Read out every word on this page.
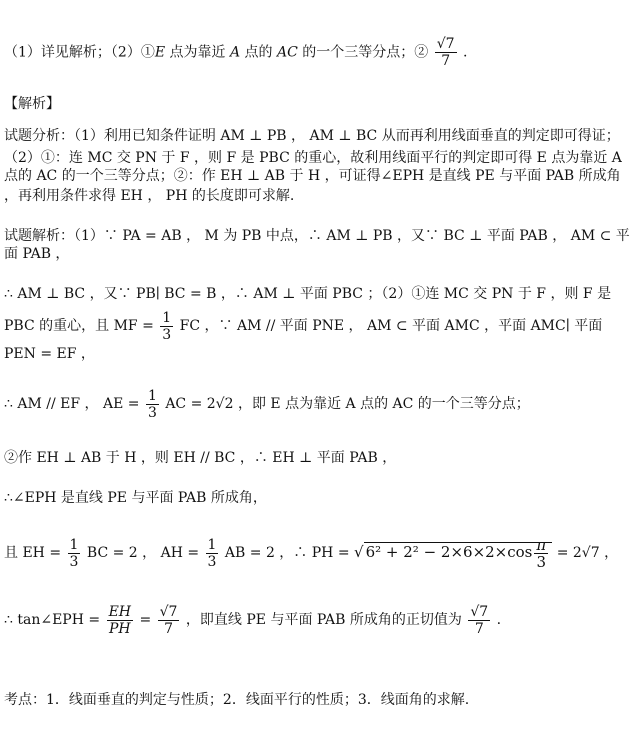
（1）详见解析；（2）①E 点为靠近 A 点的 AC 的一个三等分点；② $\frac{√7}{7}$ .
【解析】
试题分析：（1）利用已知条件证明 AM ⊥ PB ， AM ⊥ BC 从而再利用线面垂直的判定即可得证；
（2）①：连 MC 交 PN 于 F ，则 F 是 PBC 的重心，故利用线面平行的判定即可得 E 点为靠近 A
点的 AC 的一个三等分点；②：作 EH ⊥ AB 于 H ，可证得∠EPH 是直线 PE 与平面 PAB 所成角
，再利用条件求得 EH ， PH 的长度即可求解.
试题解析：（1）∵ PA = AB ， M 为 PB 中点，∴ AM ⊥ PB ，又∵ BC ⊥ 平面 PAB ， AM ⊂ 平
面 PAB ，
∴ AM ⊥ BC ，又∵ PB∣ BC = B ，∴ AM ⊥ 平面 PBC ；（2）①连 MC 交 PN 于 F ，则 F 是
PBC 的重心，且 MF = $\frac{1}{3}$ FC ，∵ AM // 平面 PNE ， AM ⊂ 平面 AMC ，平面 AMC∣ 平面
PEN = EF ，
∴ AM // EF ， AE = $\frac{1}{3}$ AC = 2√2 ，即 E 点为靠近 A 点的 AC 的一个三等分点；
②作 EH ⊥ AB 于 H ，则 EH // BC ，∴ EH ⊥ 平面 PAB ，
∴∠EPH 是直线 PE 与平面 PAB 所成角，
且 EH = $\frac{1}{3}$ BC = 2 ， AH = $\frac{1}{3}$ AB = 2 ，∴ PH = √ $6^2 + 2^2 - 2\times 6\times 2\times\cos \frac{\pi}{3} = 2√7$ ，
∴ tan∠EPH = $\frac{EH}{PH} = \frac{√7}{7}$ ，即直线 PE 与平面 PAB 所成角的正切值为 $\frac{√7}{7}$ .
考点：1．线面垂直的判定与性质；2．线面平行的性质；3．线面角的求解.
